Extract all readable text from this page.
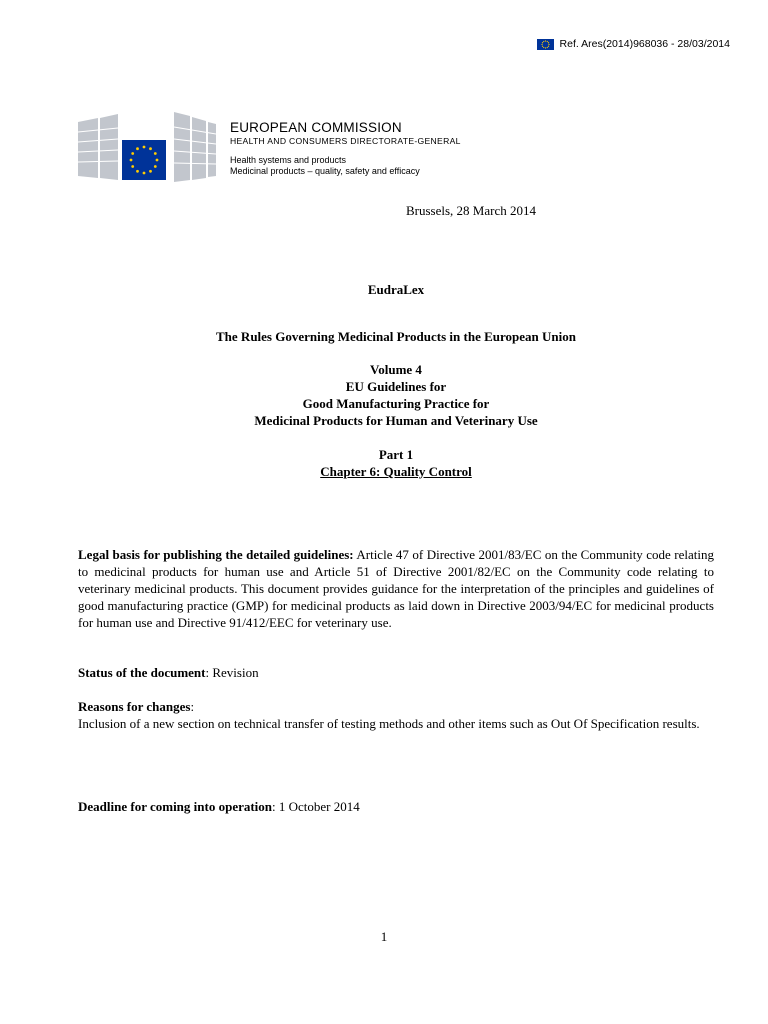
Ref. Ares(2014)968036 - 28/03/2014
EUROPEAN COMMISSION
HEALTH AND CONSUMERS DIRECTORATE-GENERAL
Health systems and products
Medicinal products – quality, safety and efficacy
Brussels, 28 March 2014
EudraLex
The Rules Governing Medicinal Products in the European Union
Volume 4
EU Guidelines for
Good Manufacturing Practice for
Medicinal Products for Human and Veterinary Use
Part 1
Chapter 6: Quality Control
Legal basis for publishing the detailed guidelines: Article 47 of Directive 2001/83/EC on the Community code relating to medicinal products for human use and Article 51 of Directive 2001/82/EC on the Community code relating to veterinary medicinal products. This document provides guidance for the interpretation of the principles and guidelines of good manufacturing practice (GMP) for medicinal products as laid down in Directive 2003/94/EC for medicinal products for human use and Directive 91/412/EEC for veterinary use.
Status of the document: Revision
Reasons for changes:
Inclusion of a new section on technical transfer of testing methods and other items such as Out Of Specification results.
Deadline for coming into operation: 1 October 2014
1
